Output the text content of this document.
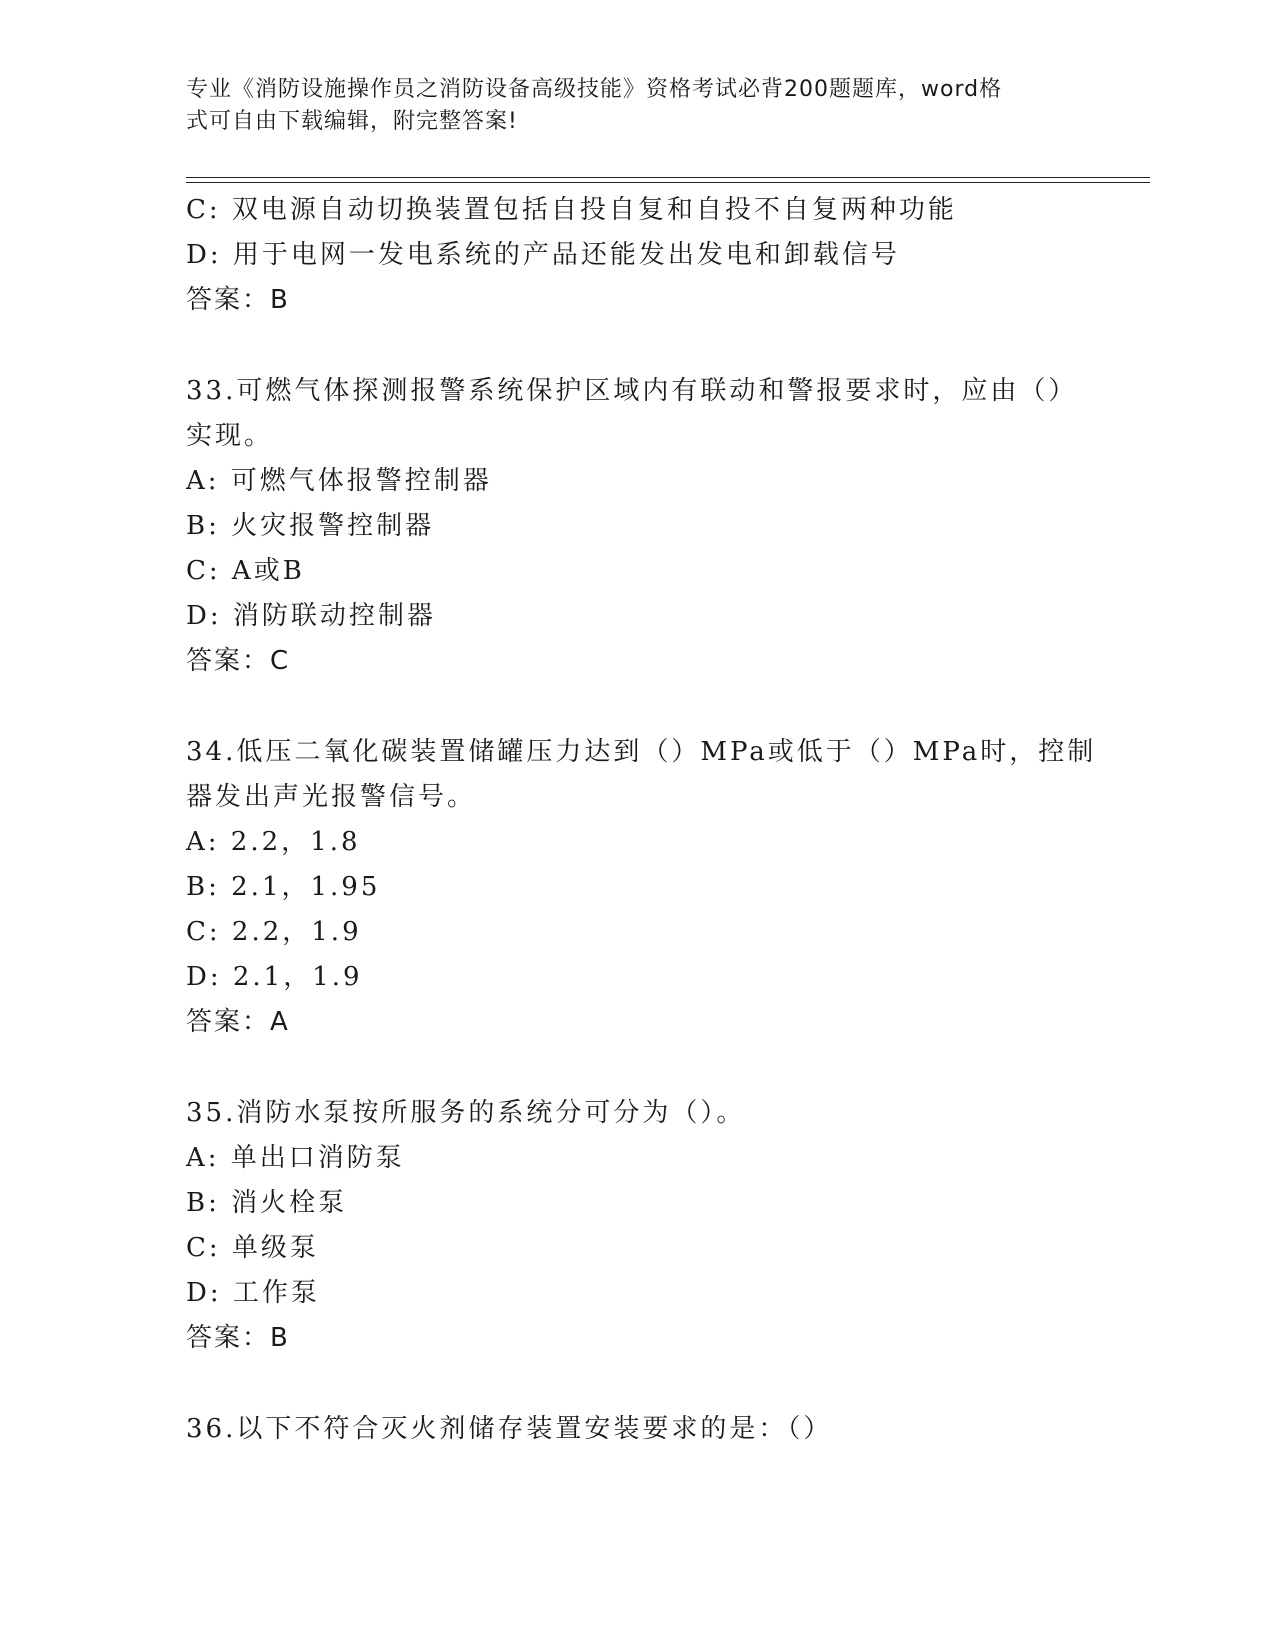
专业《消防设施操作员之消防设备高级技能》资格考试必背200题题库，word格
式可自由下载编辑，附完整答案!
C: 双电源自动切换装置包括自投自复和自投不自复两种功能
D: 用于电网一发电系统的产品还能发出发电和卸载信号
答案：B
33.可燃气体探测报警系统保护区域内有联动和警报要求时，应由（）
实现。
A: 可燃气体报警控制器
B: 火灾报警控制器
C: A或B
D: 消防联动控制器
答案：C
34.低压二氧化碳装置储罐压力达到（）MPa或低于（）MPa时，控制
器发出声光报警信号。
A: 2.2，1.8
B: 2.1，1.95
C: 2.2，1.9
D: 2.1，1.9
答案：A
35.消防水泵按所服务的系统分可分为（）。
A: 单出口消防泵
B: 消火栓泵
C: 单级泵
D: 工作泵
答案：B
36.以下不符合灭火剂储存装置安装要求的是：（）
